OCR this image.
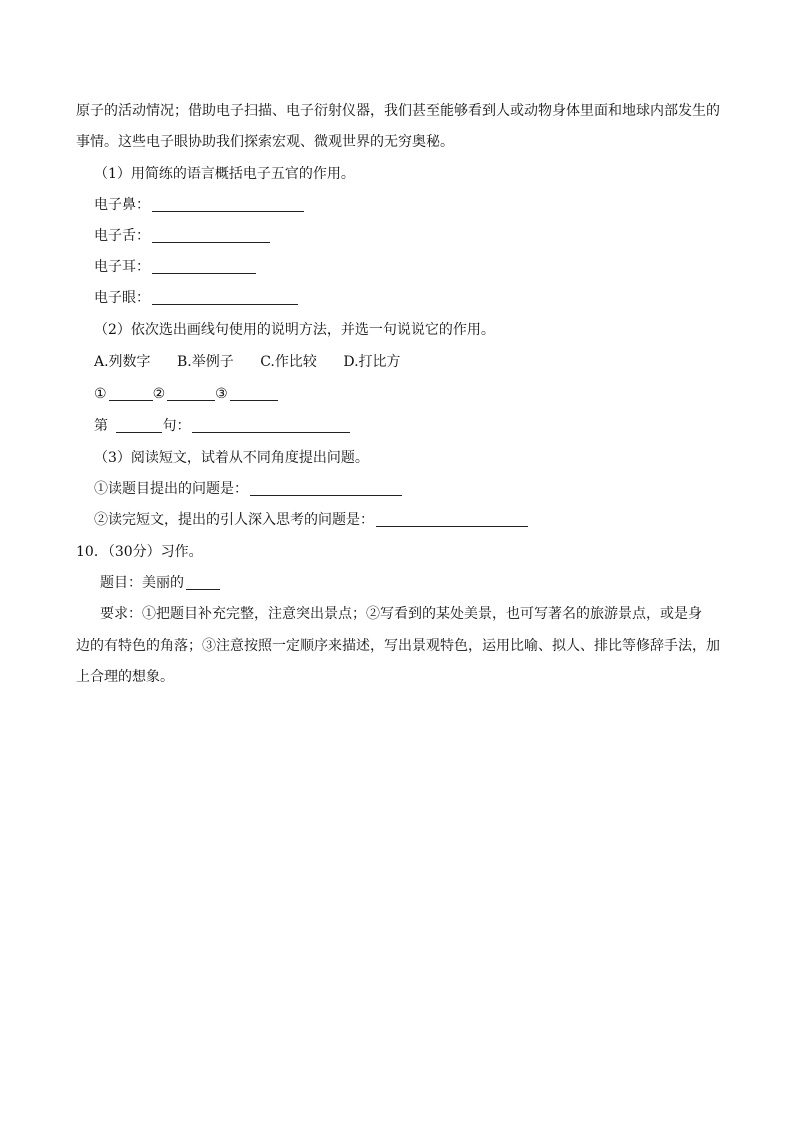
原子的活动情况；借助电子扫描、电子衍射仪器，我们甚至能够看到人或动物身体里面和地球内部发生的
事情。这些电子眼协助我们探索宏观、微观世界的无穷奥秘。
（1）用简练的语言概括电子五官的作用。
电子鼻：
电子舌：
电子耳：
电子眼：
（2）依次选出画线句使用的说明方法，并选一句说说它的作用。
A.列数字 B.举例子 C.作比较 D.打比方
①	②	③
第	句：
（3）阅读短文，试着从不同角度提出问题。
①读题目提出的问题是：
②读完短文，提出的引人深入思考的问题是：
10．（30分）习作。
题目：美丽的
要求：①把题目补充完整，注意突出景点；②写看到的某处美景，也可写著名的旅游景点，或是身
边的有特色的角落；③注意按照一定顺序来描述，写出景观特色，运用比喻、拟人、排比等修辞手法，加
上合理的想象。
